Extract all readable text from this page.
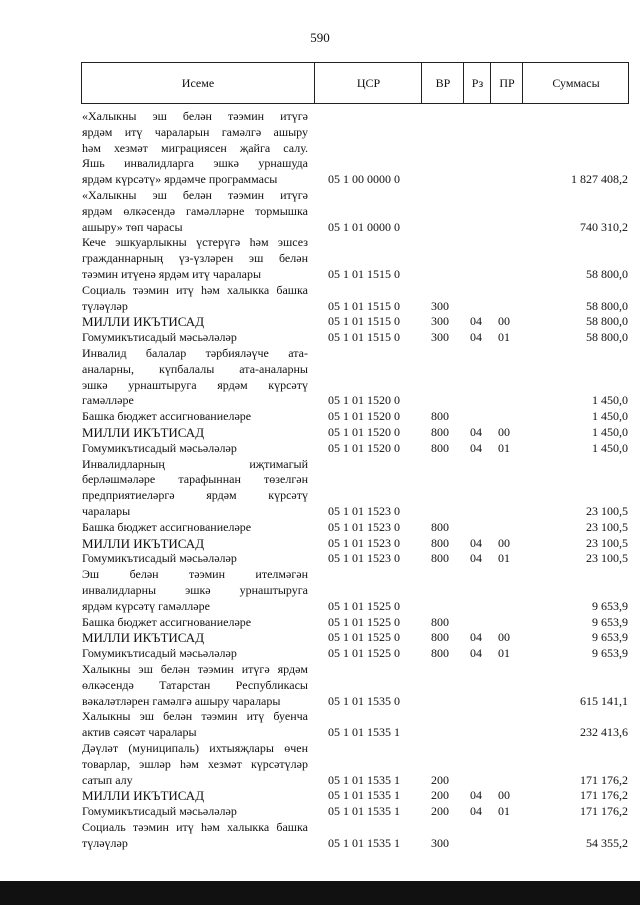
590
Исеме	ЦСР	ВР	Рз	ПР	Суммасы
«Халыкны эш белән тәэмин итүгә
ярдәм итү чараларын гамәлгә ашыру
һәм хезмәт миграциясен җайга салу.
Яшь инвалидларга эшкә урнашуда
ярдәм күрсәтү» ярдәмче программасы	05 1 00 0000 0	1 827 408,2
«Халыкны эш белән тәэмин итүгә
ярдәм өлкәсендә гамәлләрне тормышка
ашыру» төп чарасы	05 1 01 0000 0	740 310,2
Кече эшкуарлыкны үстерүгә һәм эшсез
гражданнарның үз-үзләрен эш белән
тәэмин итүенә ярдәм итү чаралары	05 1 01 1515 0	58 800,0
Социаль тәэмин итү һәм халыкка башка
түләүләр	05 1 01 1515 0	300	58 800,0
МИЛЛИ ИКЪТИСАД	05 1 01 1515 0	300 04 00	58 800,0
Гомумикътисадый мәсьәләләр	05 1 01 1515 0	300 04 01	58 800,0
Инвалид балалар тәрбияләүче ата-
аналарны, күпбалалы ата-аналарны
эшкә урнаштыруга ярдәм күрсәтү
гамәлләре	05 1 01 1520 0	1 450,0
Башка бюджет ассигнованиеләре	05 1 01 1520 0	800	1 450,0
МИЛЛИ ИКЪТИСАД	05 1 01 1520 0	800 04 00	1 450,0
Гомумикътисадый мәсьәләләр	05 1 01 1520 0	800 04 01	1 450,0
Инвалидларның иҗтимагый
берләшмәләре тарафыннан төзелгән
предприятиеләргә ярдәм күрсәтү
чаралары	05 1 01 1523 0	23 100,5
Башка бюджет ассигнованиеләре	05 1 01 1523 0	800	23 100,5
МИЛЛИ ИКЪТИСАД	05 1 01 1523 0	800 04 00	23 100,5
Гомумикътисадый мәсьәләләр	05 1 01 1523 0	800 04 01	23 100,5
Эш белән тәэмин ителмәгән
инвалидларны эшкә урнаштыруга
ярдәм күрсәтү гамәлләре	05 1 01 1525 0	9 653,9
Башка бюджет ассигнованиеләре	05 1 01 1525 0	800	9 653,9
МИЛЛИ ИКЪТИСАД	05 1 01 1525 0	800 04 00	9 653,9
Гомумикътисадый мәсьәләләр	05 1 01 1525 0	800 04 01	9 653,9
Халыкны эш белән тәэмин итүгә ярдәм
өлкәсендә Татарстан Республикасы
вәкаләтләрен гамәлгә ашыру чаралары	05 1 01 1535 0	615 141,1
Халыкны эш белән тәэмин итү буенча
актив сәясәт чаралары	05 1 01 1535 1	232 413,6
Дәүләт (муниципаль) ихтыяҗлары өчен
товарлар, эшләр һәм хезмәт күрсәтүләр
сатып алу	05 1 01 1535 1	200	171 176,2
МИЛЛИ ИКЪТИСАД	05 1 01 1535 1	200 04 00	171 176,2
Гомумикътисадый мәсьәләләр	05 1 01 1535 1	200 04 01	171 176,2
Социаль тәэмин итү һәм халыкка башка
түләүләр	05 1 01 1535 1	300	54 355,2
